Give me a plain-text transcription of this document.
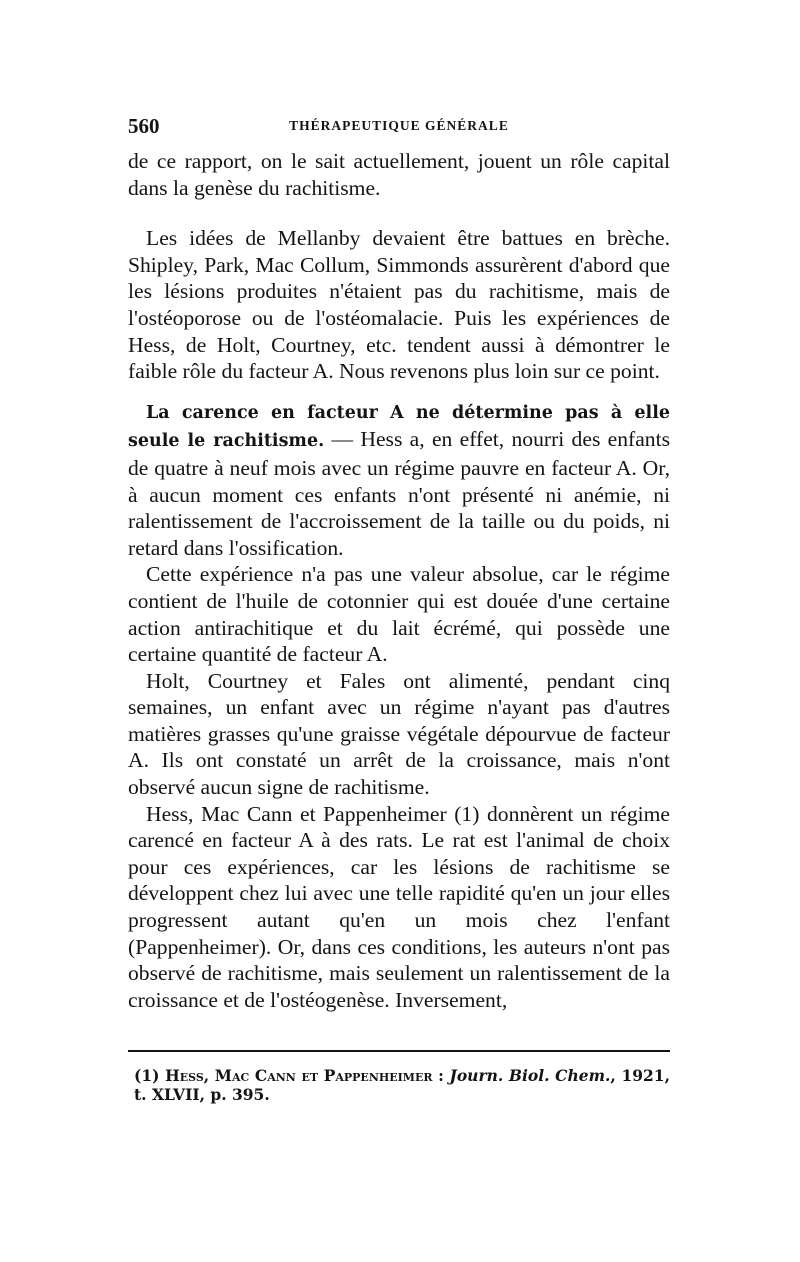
560	THÉRAPEUTIQUE GÉNÉRALE

de ce rapport, on le sait actuellement, jouent un rôle capital dans la genèse du rachitisme.

Les idées de Mellanby devaient être battues en brèche. Shipley, Park, Mac Collum, Simmonds assurèrent d'abord que les lésions produites n'étaient pas du rachitisme, mais de l'ostéoporose ou de l'ostéomalacie. Puis les expériences de Hess, de Holt, Courtney, etc. tendent aussi à démontrer le faible rôle du facteur A. Nous revenons plus loin sur ce point.

La carence en facteur A ne détermine pas à elle seule le rachitisme. — Hess a, en effet, nourri des enfants de quatre à neuf mois avec un régime pauvre en facteur A. Or, à aucun moment ces enfants n'ont présenté ni anémie, ni ralentissement de l'accroissement de la taille ou du poids, ni retard dans l'ossification.

Cette expérience n'a pas une valeur absolue, car le régime contient de l'huile de cotonnier qui est douée d'une certaine action antirachitique et du lait écrémé, qui possède une certaine quantité de facteur A.

Holt, Courtney et Fales ont alimenté, pendant cinq semaines, un enfant avec un régime n'ayant pas d'autres matières grasses qu'une graisse végétale dépourvue de facteur A. Ils ont constaté un arrêt de la croissance, mais n'ont observé aucun signe de rachitisme.

Hess, Mac Cann et Pappenheimer (1) donnèrent un régime carencé en facteur A à des rats. Le rat est l'animal de choix pour ces expériences, car les lésions de rachitisme se développent chez lui avec une telle rapidité qu'en un jour elles progressent autant qu'en un mois chez l'enfant (Pappenheimer). Or, dans ces conditions, les auteurs n'ont pas observé de rachitisme, mais seulement un ralentissement de la croissance et de l'ostéogenèse. Inversement,

(1) Hess, Mac Cann et Pappenheimer : Journ. Biol. Chem., 1921, t. XLVII, p. 395.
